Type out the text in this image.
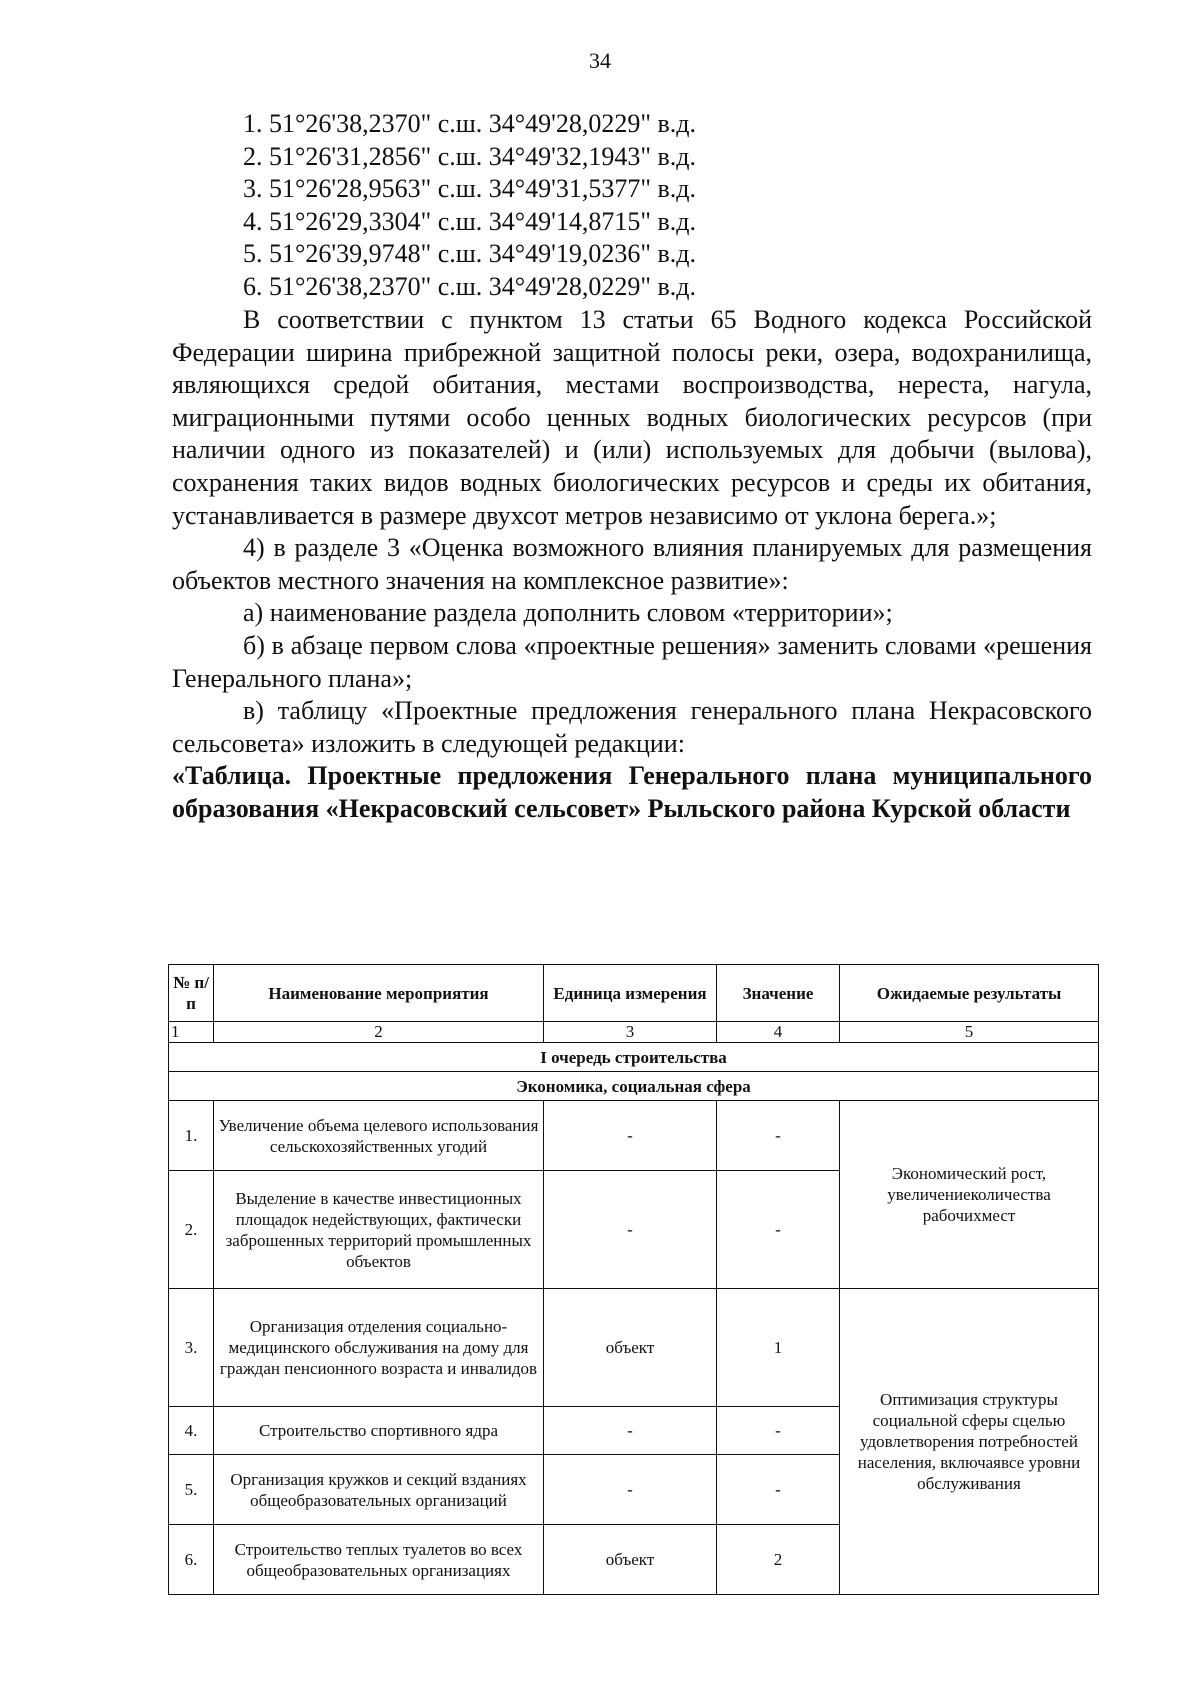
34
1. 51°26'38,2370" с.ш. 34°49'28,0229" в.д.
2. 51°26'31,2856" с.ш. 34°49'32,1943" в.д.
3. 51°26'28,9563" с.ш. 34°49'31,5377" в.д.
4. 51°26'29,3304" с.ш. 34°49'14,8715" в.д.
5. 51°26'39,9748" с.ш. 34°49'19,0236" в.д.
6. 51°26'38,2370" с.ш. 34°49'28,0229" в.д.

В соответствии с пунктом 13 статьи 65 Водного кодекса Российской Федерации ширина прибрежной защитной полосы реки, озера, водохранилища, являющихся средой обитания, местами воспроизводства, нереста, нагула, миграционными путями особо ценных водных биологических ресурсов (при наличии одного из показателей) и (или) используемых для добычи (вылова), сохранения таких видов водных биологических ресурсов и среды их обитания, устанавливается в размере двухсот метров независимо от уклона берега.»;

4) в разделе 3 «Оценка возможного влияния планируемых для размещения объектов местного значения на комплексное развитие»:

а) наименование раздела дополнить словом «территории»;

б) в абзаце первом слова «проектные решения» заменить словами «решения Генерального плана»;

в) таблицу «Проектные предложения генерального плана Некрасовского сельсовета» изложить в следующей редакции:

«Таблица. Проектные предложения Генерального плана муниципального образования «Некрасовский сельсовет» Рыльского района Курской области

№ п/п	Наименование мероприятия	Единица измерения	Значение	Ожидаемые результаты
1	2	3	4	5
I очередь строительства				
Экономика, социальная сфера				
1.	Увеличение объема целевого использования сельскохозяйственных угодий	-	-	Экономический рост, увеличениеколичества рабочихмест
2.	Выделение в качестве инвестиционных площадок недействующих, фактически заброшенных территорий промышленных объектов	-	-	
3.	Организация отделения социально-медицинского обслуживания на дому для граждан пенсионного возраста и инвалидов	объект	1	Оптимизация структуры социальной сферы сцелью удовлетворения потребностей населения, включаявсе уровни обслуживания
4.	Строительство спортивного ядра	-	-	
5.	Организация кружков и секций взданиях общеобразовательных организаций	-	-	
6.	Строительство теплых туалетов во всех общеобразовательных организациях	объект	2	
